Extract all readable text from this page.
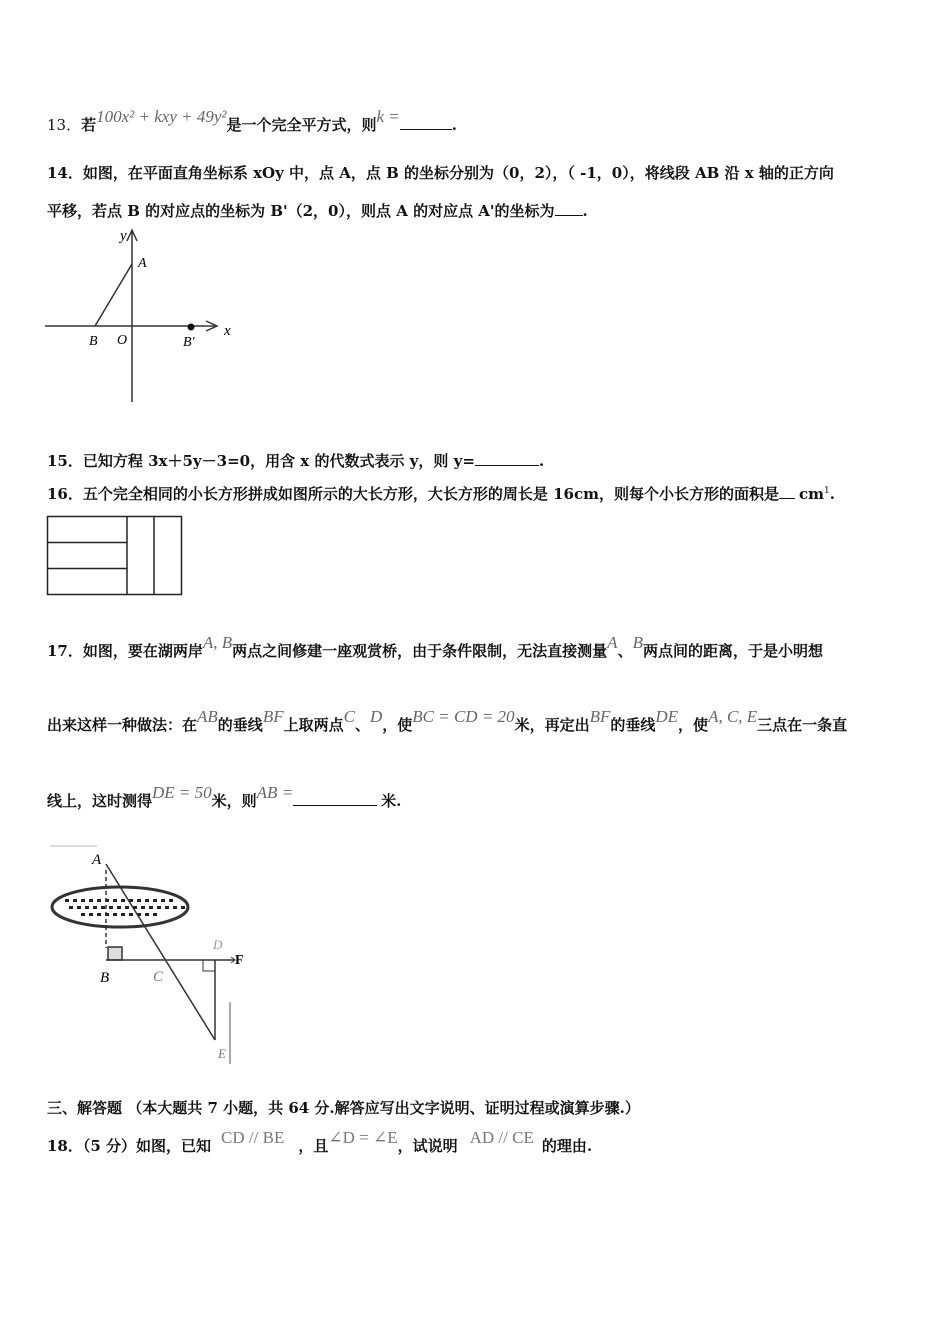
13．若100x² + kxy + 49y²是一个完全平方式，则k =	.
14．如图，在平面直角坐标系 xOy 中，点 A，点 B 的坐标分别为（0，2），（ -1，0），将线段 AB 沿 x 轴的正方向
平移，若点 B 的对应点的坐标为 B'（2，0），则点 A 的对应点 A'的坐标为 .
y
x
A
B O	B'
15．已知方程 3x＋5y－3=0，用含 x 的代数式表示 y，则 y=	.
16．五个完全相同的小长方形拼成如图所示的大长方形，大长方形的周长是 16cm，则每个小长方形的面积是 $cm^1$.
17．如图，要在湖两岸A, B两点之间修建一座观赏桥，由于条件限制，无法直接测量A、B两点间的距离，于是小明想
出来这样一种做法：在AB的垂线BF上取两点C、D，使BC = CD = 20米，再定出BF的垂线DE，使A, C, E三点在一条直
线上，这时测得DE = 50米，则AB =	米.
A
B	C
D
E
F
三、解答题 （本大题共 7 小题，共 64 分.解答应写出文字说明、证明过程或演算步骤.）
18．（5 分）如图，已知 CD // BE ，且∠D = ∠E，试说明 AD // CE 的理由.
